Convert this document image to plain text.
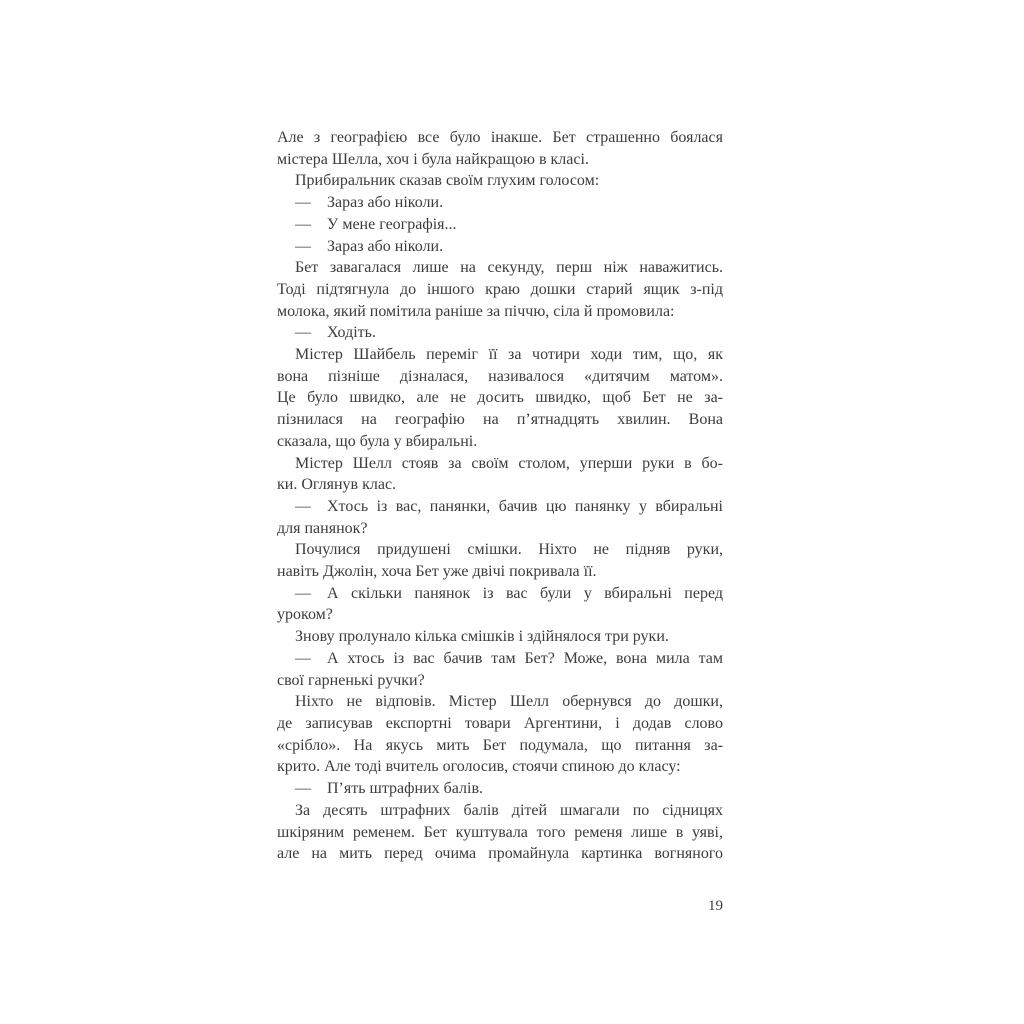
Але з географією все було інакше. Бет страшенно боялася
містера Шелла, хоч і була найкращою в класі.
Прибиральник сказав своїм глухим голосом:
— Зараз або ніколи.
— У мене географія...
— Зараз або ніколи.
Бет завагалася лише на секунду, перш ніж наважитись.
Тоді підтягнула до іншого краю дошки старий ящик з-під
молока, який помітила раніше за піччю, сіла й промовила:
— Ходіть.
Містер Шайбель переміг її за чотири ходи тим, що, як
вона пізніше дізналася, називалося «дитячим матом».
Це було швидко, але не досить швидко, щоб Бет не за-
пізнилася на географію на п’ятнадцять хвилин. Вона
сказала, що була у вбиральні.
Містер Шелл стояв за своїм столом, уперши руки в бо-
ки. Оглянув клас.
— Хтось із вас, панянки, бачив цю панянку у вбиральні
для панянок?
Почулися придушені смішки. Ніхто не підняв руки,
навіть Джолін, хоча Бет уже двічі покривала її.
— А скільки панянок із вас були у вбиральні перед
уроком?
Знову пролунало кілька смішків і здійнялося три руки.
— А хтось із вас бачив там Бет? Може, вона мила там
свої гарненькі ручки?
Ніхто не відповів. Містер Шелл обернувся до дошки,
де записував експортні товари Аргентини, і додав слово
«срібло». На якусь мить Бет подумала, що питання за-
крито. Але тоді вчитель оголосив, стоячи спиною до класу:
— П’ять штрафних балів.
За десять штрафних балів дітей шмагали по сідницях
шкіряним ременем. Бет куштувала того ременя лише в уяві,
але на мить перед очима промайнула картинка вогняного
19
